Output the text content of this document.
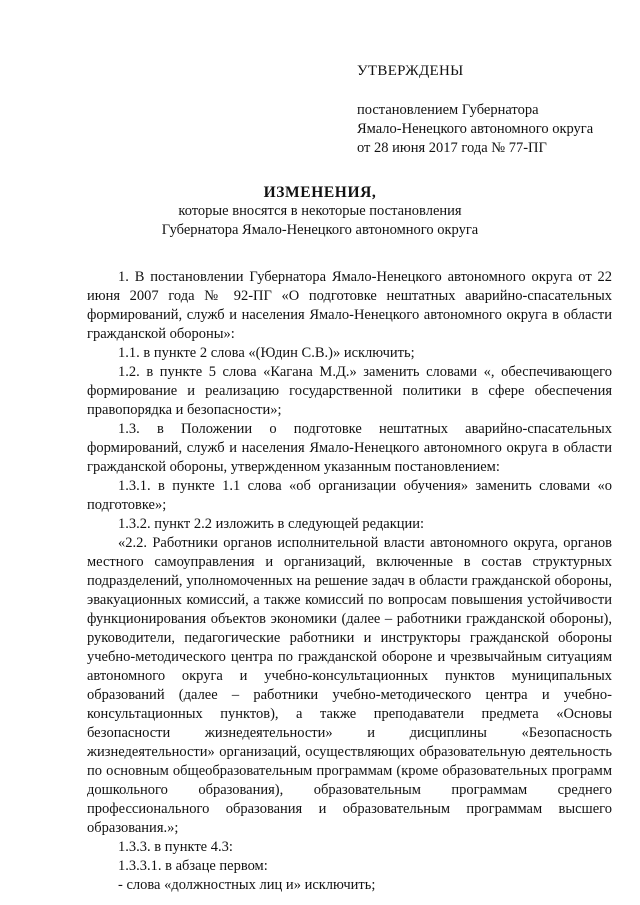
УТВЕРЖДЕНЫ
постановлением Губернатора
Ямало-Ненецкого автономного округа
от 28 июня 2017 года № 77-ПГ
ИЗМЕНЕНИЯ,
которые вносятся в некоторые постановления
Губернатора Ямало-Ненецкого автономного округа

1. В постановлении Губернатора Ямало-Ненецкого автономного округа от 22 июня 2007 года № 92-ПГ «О подготовке нештатных аварийно-спасательных формирований, служб и населения Ямало-Ненецкого автономного округа в области гражданской обороны»:

1.1. в пункте 2 слова «(Юдин С.В.)» исключить;

1.2. в пункте 5 слова «Кагана М.Д.» заменить словами «, обеспечивающего формирование и реализацию государственной политики в сфере обеспечения правопорядка и безопасности»;

1.3. в Положении о подготовке нештатных аварийно-спасательных формирований, служб и населения Ямало-Ненецкого автономного округа в области гражданской обороны, утвержденном указанным постановлением:

1.3.1. в пункте 1.1 слова «об организации обучения» заменить словами «о подготовке»;

1.3.2. пункт 2.2 изложить в следующей редакции:

«2.2. Работники органов исполнительной власти автономного округа, органов местного самоуправления и организаций, включенные в состав структурных подразделений, уполномоченных на решение задач в области гражданской обороны, эвакуационных комиссий, а также комиссий по вопросам повышения устойчивости функционирования объектов экономики (далее – работники гражданской обороны), руководители, педагогические работники и инструкторы гражданской обороны учебно-методического центра по гражданской обороне и чрезвычайным ситуациям автономного округа и учебно-консультационных пунктов муниципальных образований (далее – работники учебно-методического центра и учебно-консультационных пунктов), а также преподаватели предмета «Основы безопасности жизнедеятельности» и дисциплины «Безопасность жизнедеятельности» организаций, осуществляющих образовательную деятельность по основным общеобразовательным программам (кроме образовательных программ дошкольного образования), образовательным программам среднего профессионального образования и образовательным программам высшего образования.»;

1.3.3. в пункте 4.3:

1.3.3.1. в абзаце первом:

- слова «должностных лиц и» исключить;
